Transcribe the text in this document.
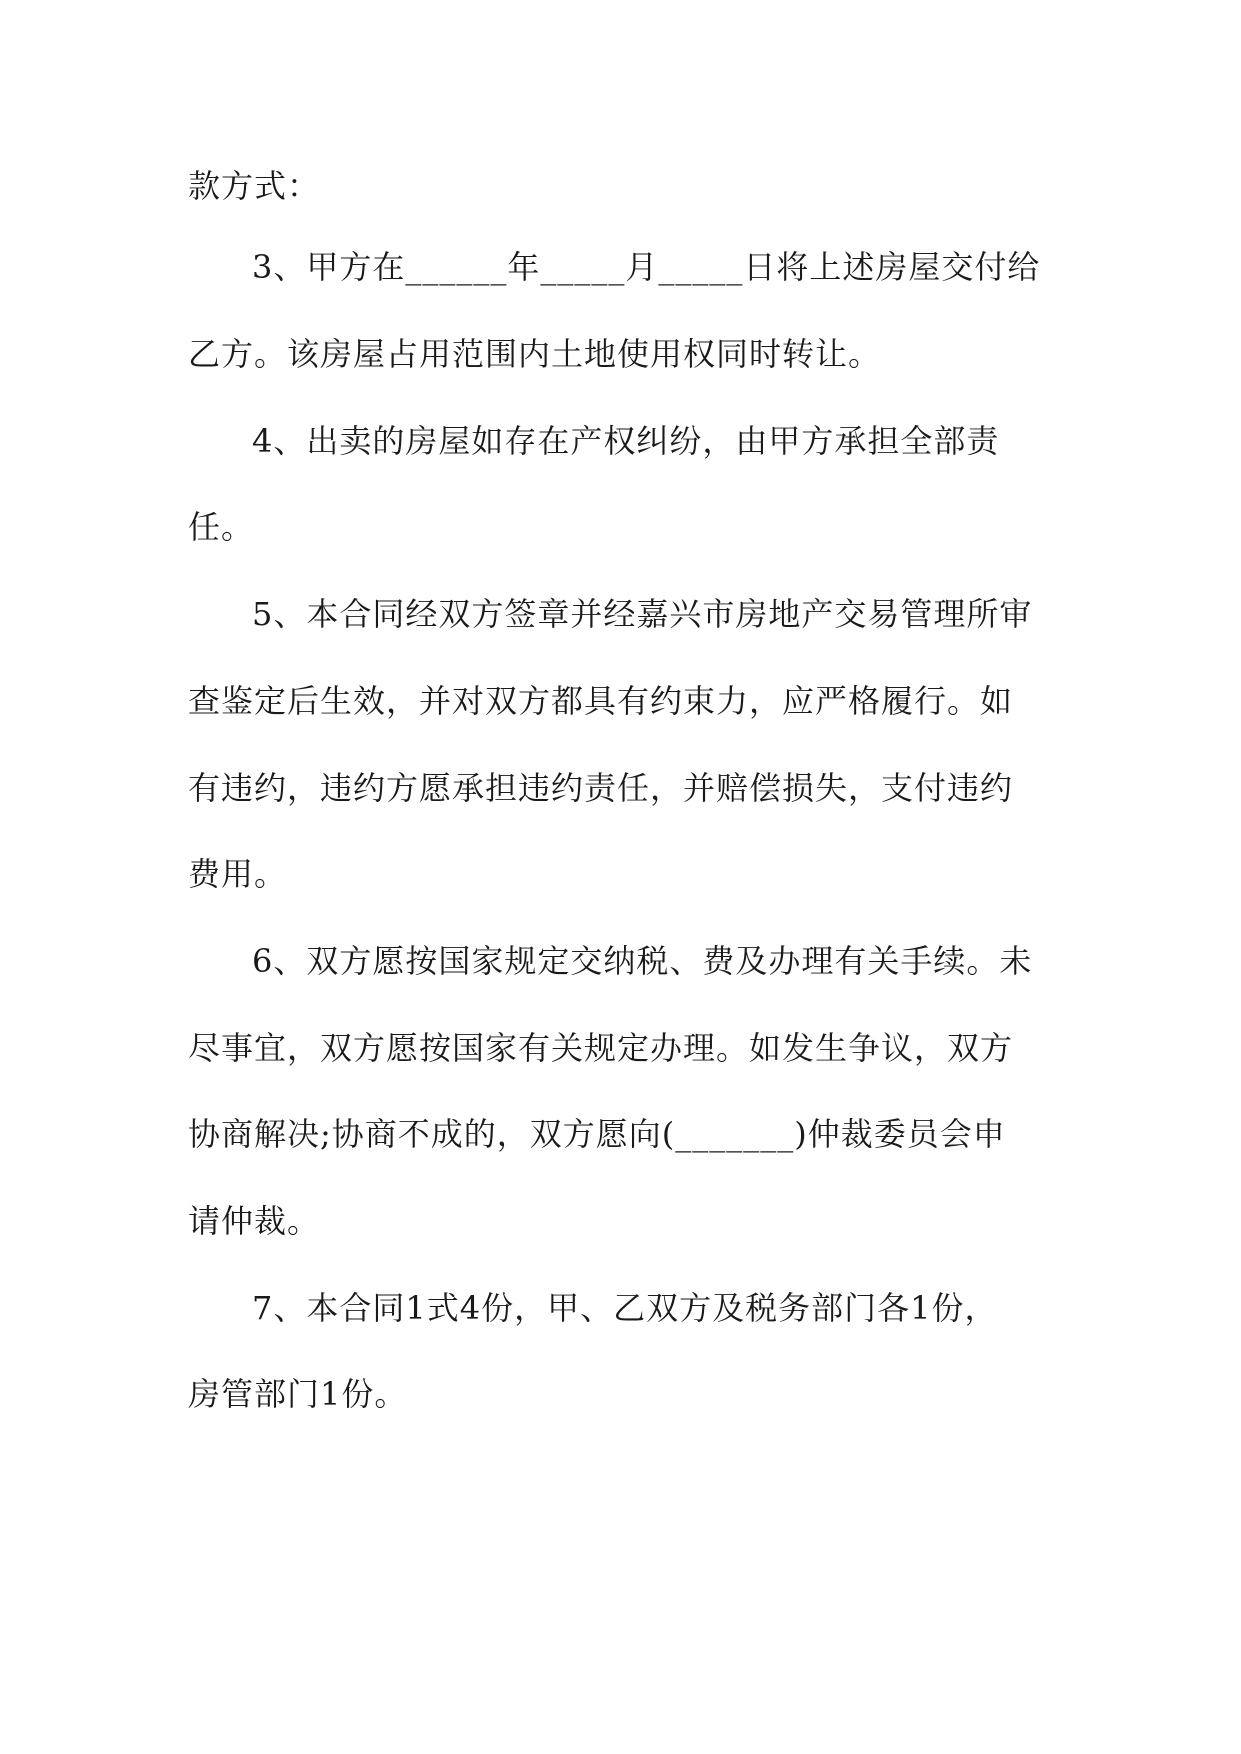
款方式：
3、甲方在______年_____月_____日将上述房屋交付给
乙方。该房屋占用范围内土地使用权同时转让。
4、出卖的房屋如存在产权纠纷，由甲方承担全部责
任。
5、本合同经双方签章并经嘉兴市房地产交易管理所审
查鉴定后生效，并对双方都具有约束力，应严格履行。如
有违约，违约方愿承担违约责任，并赔偿损失，支付违约
费用。
6、双方愿按国家规定交纳税、费及办理有关手续。未
尽事宜，双方愿按国家有关规定办理。如发生争议，双方
协商解决;协商不成的，双方愿向(_______)仲裁委员会申
请仲裁。
7、本合同1式4份，甲、乙双方及税务部门各1份，
房管部门1份。
